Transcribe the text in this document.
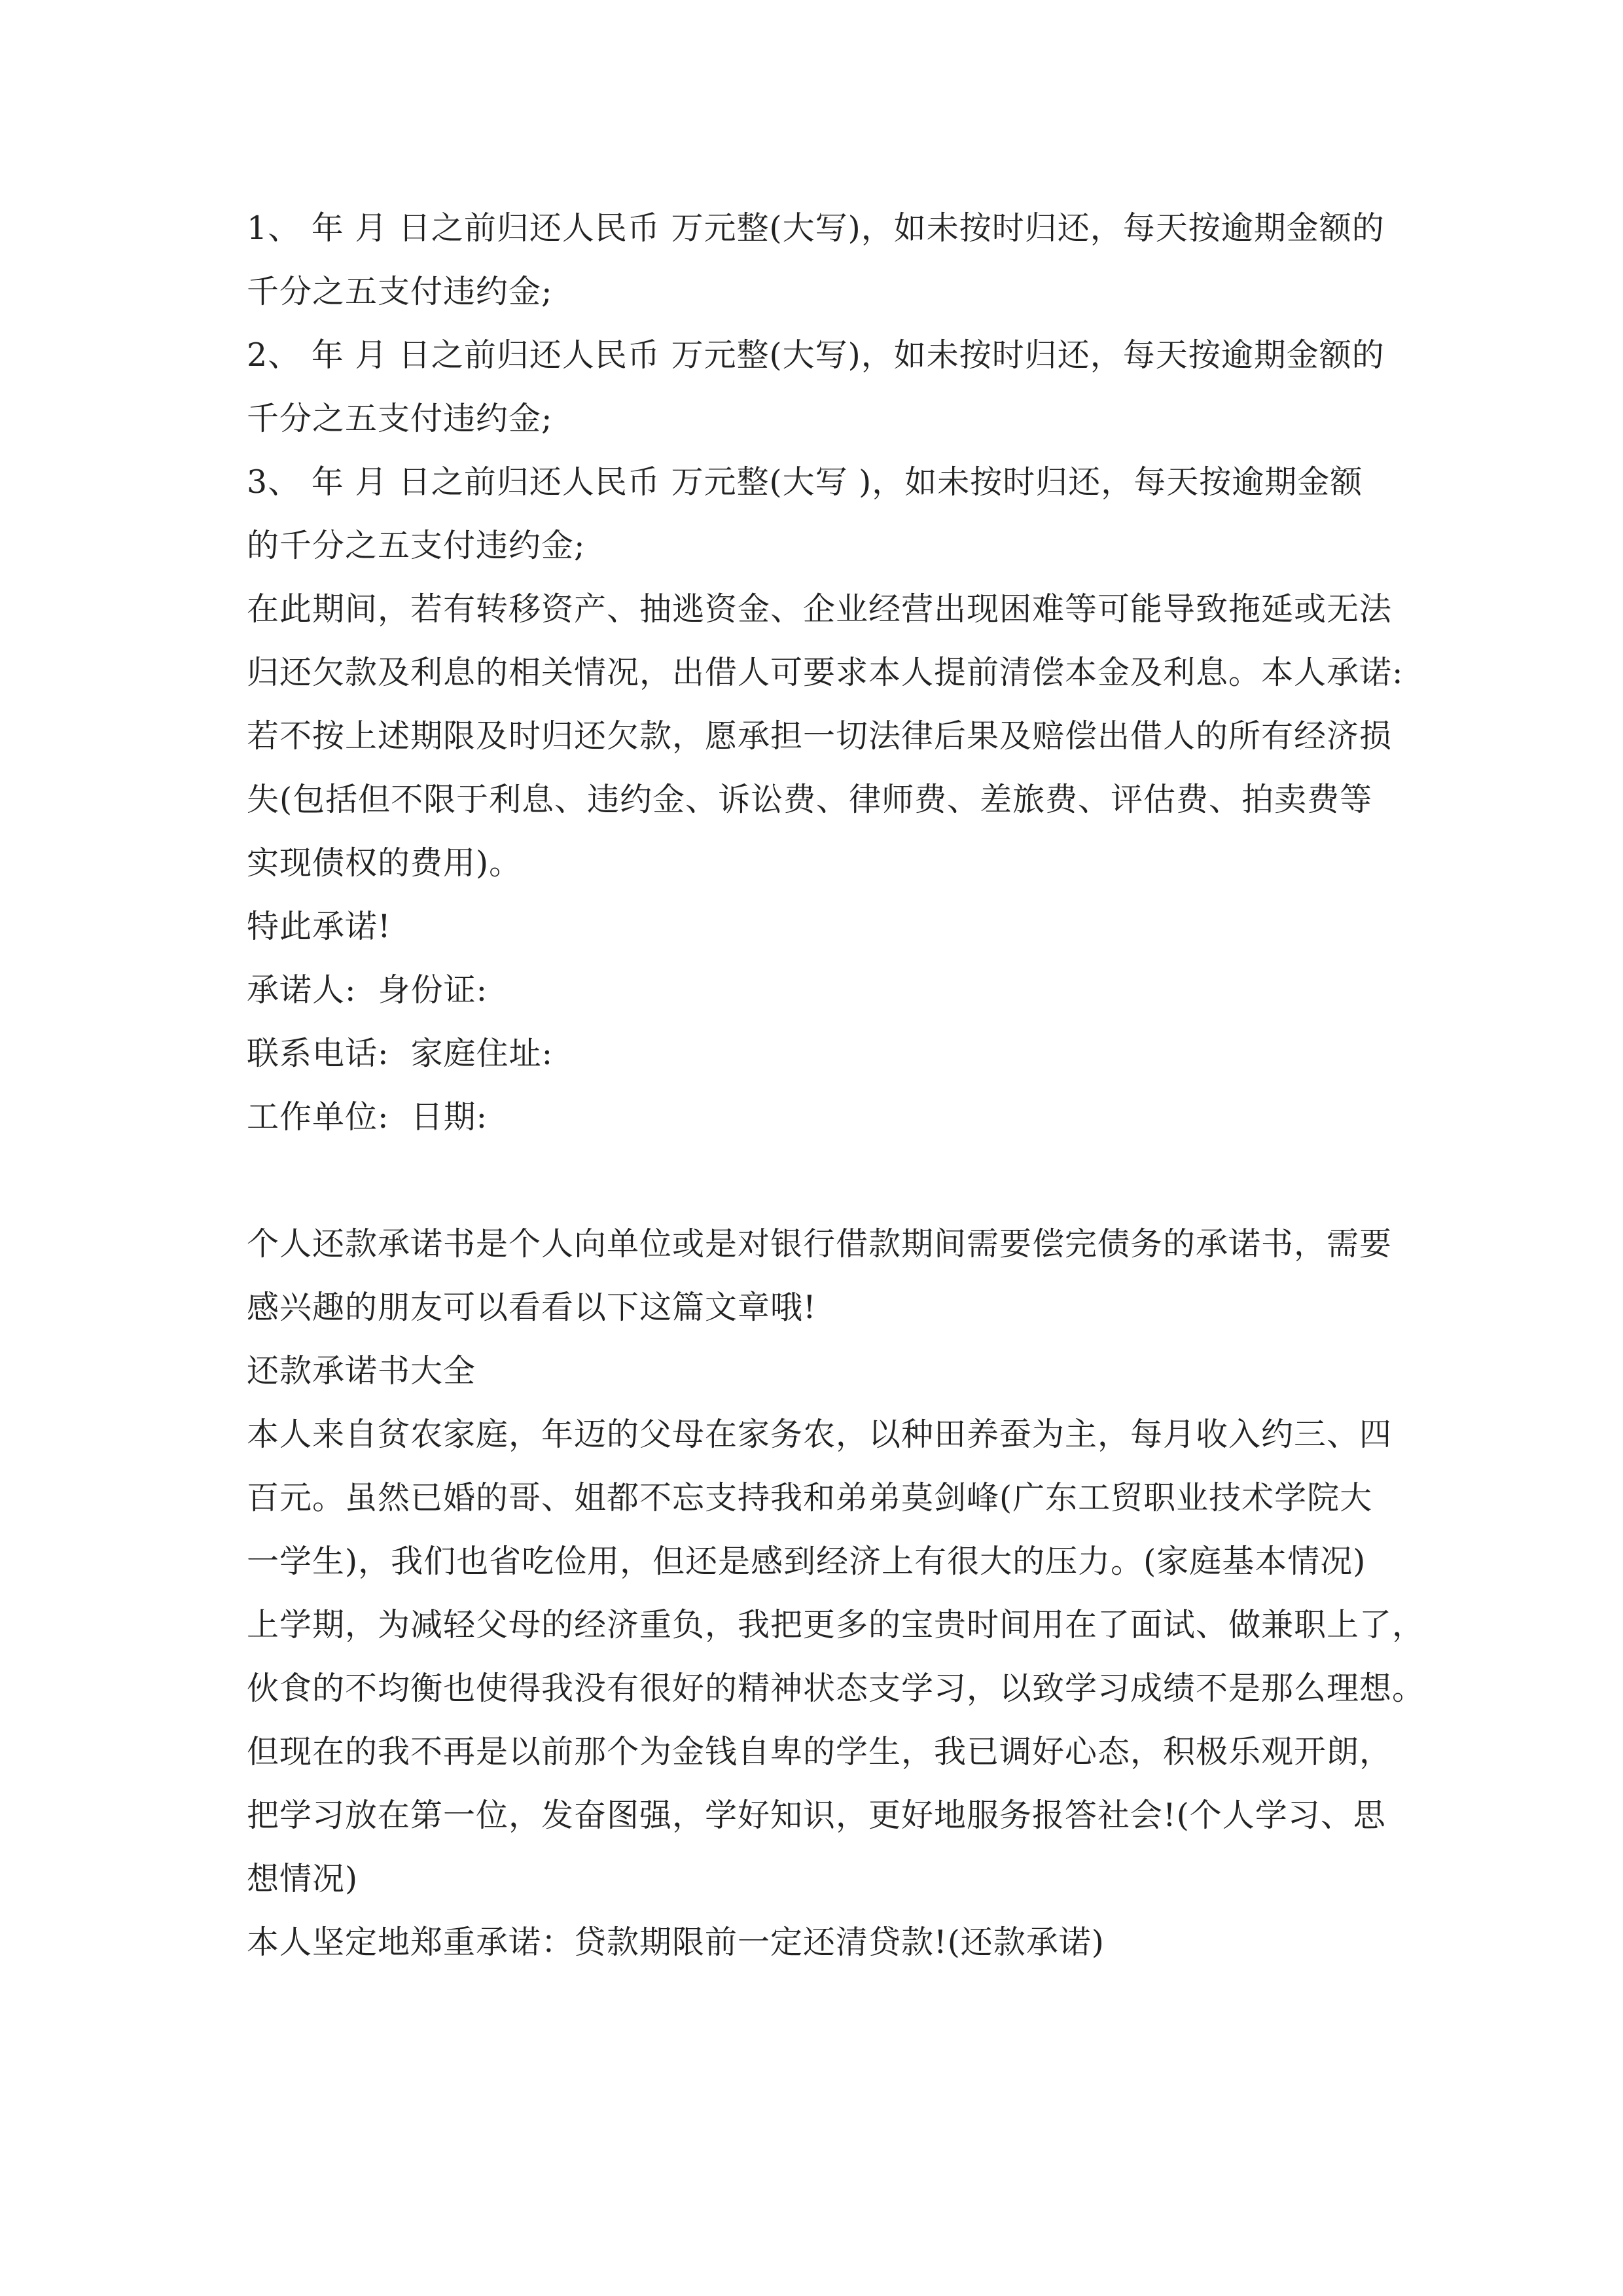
1、 年 月 日之前归还人民币 万元整(大写)，如未按时归还，每天按逾期金额的
千分之五支付违约金;
2、 年 月 日之前归还人民币 万元整(大写)，如未按时归还，每天按逾期金额的
千分之五支付违约金;
3、 年 月 日之前归还人民币 万元整(大写 )，如未按时归还，每天按逾期金额
的千分之五支付违约金;
在此期间，若有转移资产、抽逃资金、企业经营出现困难等可能导致拖延或无法
归还欠款及利息的相关情况，出借人可要求本人提前清偿本金及利息。本人承诺:
若不按上述期限及时归还欠款，愿承担一切法律后果及赔偿出借人的所有经济损
失(包括但不限于利息、违约金、诉讼费、律师费、差旅费、评估费、拍卖费等
实现债权的费用)。
特此承诺!
承诺人:  身份证:
联系电话:  家庭住址:
工作单位:  日期:
个人还款承诺书是个人向单位或是对银行借款期间需要偿完债务的承诺书，需要
感兴趣的朋友可以看看以下这篇文章哦!
还款承诺书大全
本人来自贫农家庭，年迈的父母在家务农，以种田养蚕为主，每月收入约三、四
百元。虽然已婚的哥、姐都不忘支持我和弟弟莫剑峰(广东工贸职业技术学院大
一学生)，我们也省吃俭用，但还是感到经济上有很大的压力。(家庭基本情况)
上学期，为减轻父母的经济重负，我把更多的宝贵时间用在了面试、做兼职上了，
伙食的不均衡也使得我没有很好的精神状态支学习，以致学习成绩不是那么理想。
但现在的我不再是以前那个为金钱自卑的学生，我已调好心态，积极乐观开朗，
把学习放在第一位，发奋图强，学好知识，更好地服务报答社会!(个人学习、思
想情况)
本人坚定地郑重承诺：贷款期限前一定还清贷款!(还款承诺)
